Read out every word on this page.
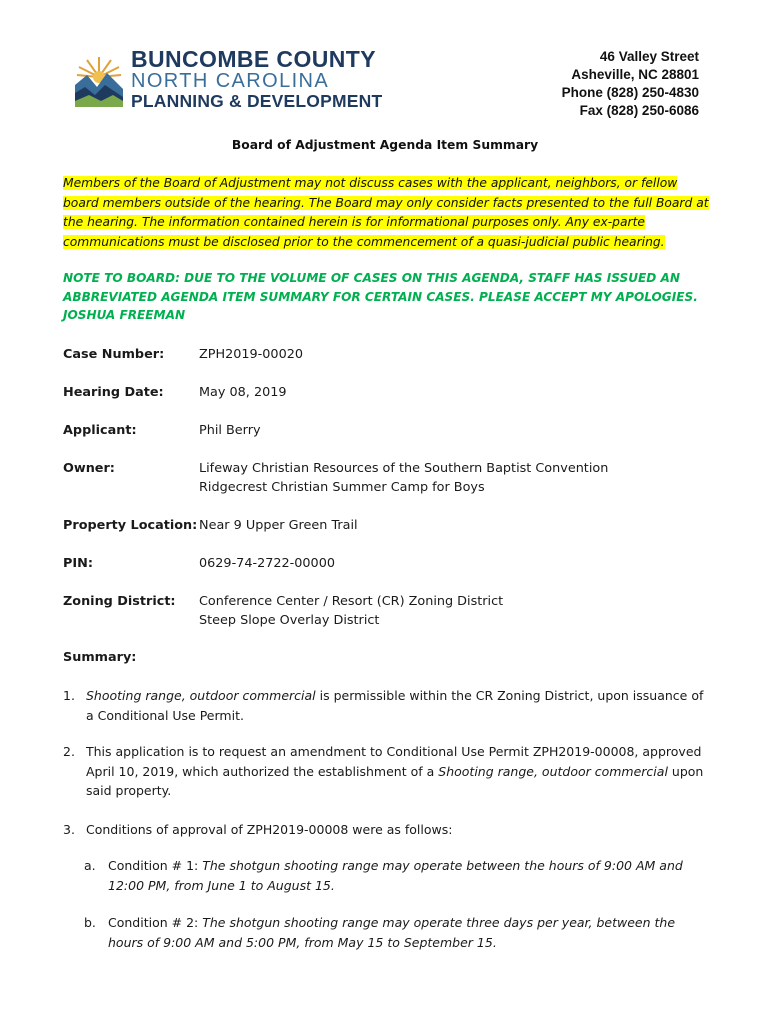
BUNCOMBE COUNTY
NORTH CAROLINA
PLANNING & DEVELOPMENT
46 Valley Street
Asheville, NC 28801
Phone (828) 250-4830
Fax (828) 250-6086
Board of Adjustment Agenda Item Summary
Members of the Board of Adjustment may not discuss cases with the applicant, neighbors, or fellow board members outside of the hearing. The Board may only consider facts presented to the full Board at the hearing. The information contained herein is for informational purposes only. Any ex-parte communications must be disclosed prior to the commencement of a quasi-judicial public hearing.
NOTE TO BOARD: DUE TO THE VOLUME OF CASES ON THIS AGENDA, STAFF HAS ISSUED AN
ABBREVIATED AGENDA ITEM SUMMARY FOR CERTAIN CASES. PLEASE ACCEPT MY APOLOGIES.
JOSHUA FREEMAN
Case Number:	ZPH2019-00020
Hearing Date:	May 08, 2019
Applicant:	Phil Berry
Owner:	Lifeway Christian Resources of the Southern Baptist Convention
Ridgecrest Christian Summer Camp for Boys
Property Location: Near 9 Upper Green Trail
PIN:	0629-74-2722-00000
Zoning District: Conference Center / Resort (CR) Zoning District
Steep Slope Overlay District
Summary:
1. Shooting range, outdoor commercial is permissible within the CR Zoning District, upon issuance of a Conditional Use Permit.
2. This application is to request an amendment to Conditional Use Permit ZPH2019-00008, approved April 10, 2019, which authorized the establishment of a Shooting range, outdoor commercial upon said property.
3. Conditions of approval of ZPH2019-00008 were as follows:
a. Condition # 1: The shotgun shooting range may operate between the hours of 9:00 AM and 12:00 PM, from June 1 to August 15.
b. Condition # 2: The shotgun shooting range may operate three days per year, between the hours of 9:00 AM and 5:00 PM, from May 15 to September 15.
